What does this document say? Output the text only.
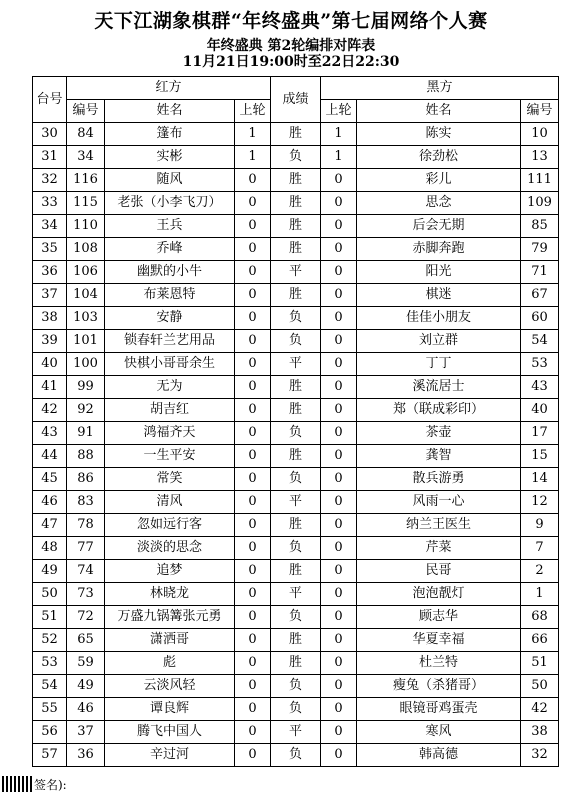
天下江湖象棋群“年终盛典”第七届网络个人赛
年终盛典 第2轮编排对阵表
11月21日19:00时至22日22:30
台号	红方			成绩	黑方		
	编号	姓名	上轮		上轮	姓名	编号
30	84	篷布	1	胜	1	陈实	10
31	34	实彬	1	负	1	徐劲松	13
32	116	随风	0	胜	0	彩儿	111
33	115	老张（小李飞刀）	0	胜	0	思念	109
34	110	王兵	0	胜	0	后会无期	85
35	108	乔峰	0	胜	0	赤脚奔跑	79
36	106	幽默的小牛	0	平	0	阳光	71
37	104	布莱恩特	0	胜	0	棋迷	67
38	103	安静	0	负	0	佳佳小朋友	60
39	101	锁春轩兰艺用品	0	负	0	刘立群	54
40	100	快棋小哥哥余生	0	平	0	丁丁	53
41	99	无为	0	胜	0	溪流居士	43
42	92	胡吉红	0	胜	0	郑（联成彩印）	40
43	91	鸿福齐天	0	负	0	茶壶	17
44	88	一生平安	0	胜	0	龚智	15
45	86	常笑	0	负	0	散兵游勇	14
46	83	清风	0	平	0	风雨一心	12
47	78	忽如远行客	0	胜	0	纳兰王医生	9
48	77	淡淡的思念	0	负	0	芹菜	7
49	74	追梦	0	胜	0	民哥	2
50	73	林晓龙	0	平	0	泡泡靓灯	1
51	72	万盛九锅篝张元勇	0	负	0	顾志华	68
52	65	潇洒哥	0	胜	0	华夏幸福	66
53	59	彪	0	胜	0	杜兰特	51
54	49	云淡风轻	0	负	0	瘦兔（杀猪哥）	50
55	46	谭良辉	0	负	0	眼镜哥鸡蛋壳	42
56	37	腾飞中国人	0	平	0	寒风	38
57	36	辛过河	0	负	0	韩高德	32
签名):
